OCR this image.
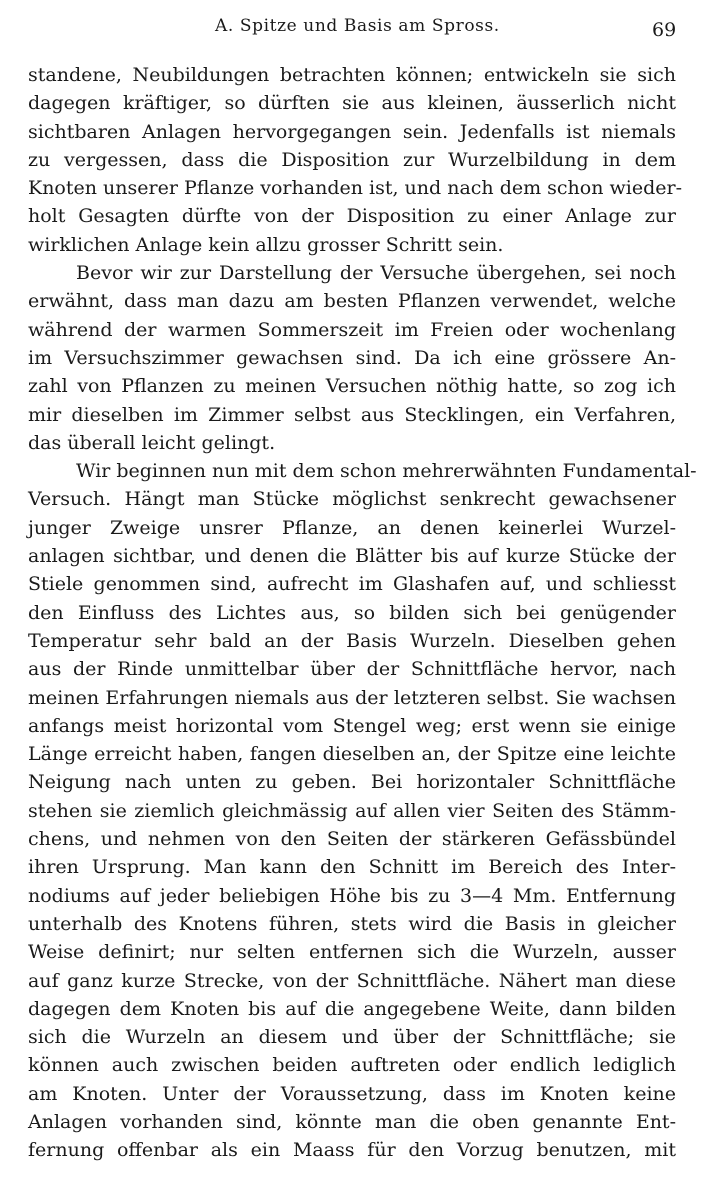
A. Spitze und Basis am Spross.	69
standene, Neubildungen betrachten können; entwickeln sie sich
dagegen kräftiger, so dürften sie aus kleinen, äusserlich nicht
sichtbaren Anlagen hervorgegangen sein. Jedenfalls ist niemals
zu vergessen, dass die Disposition zur Wurzelbildung in dem
Knoten unserer Pflanze vorhanden ist, und nach dem schon wieder-
holt Gesagten dürfte von der Disposition zu einer Anlage zur
wirklichen Anlage kein allzu grosser Schritt sein.
Bevor wir zur Darstellung der Versuche übergehen, sei noch
erwähnt, dass man dazu am besten Pflanzen verwendet, welche
während der warmen Sommerszeit im Freien oder wochenlang
im Versuchszimmer gewachsen sind. Da ich eine grössere An-
zahl von Pflanzen zu meinen Versuchen nöthig hatte, so zog ich
mir dieselben im Zimmer selbst aus Stecklingen, ein Verfahren,
das überall leicht gelingt.
Wir beginnen nun mit dem schon mehrerwähnten Fundamental-
Versuch. Hängt man Stücke möglichst senkrecht gewachsener
junger Zweige unsrer Pflanze, an denen keinerlei Wurzel-
anlagen sichtbar, und denen die Blätter bis auf kurze Stücke der
Stiele genommen sind, aufrecht im Glashafen auf, und schliesst
den Einfluss des Lichtes aus, so bilden sich bei genügender
Temperatur sehr bald an der Basis Wurzeln. Dieselben gehen
aus der Rinde unmittelbar über der Schnittfläche hervor, nach
meinen Erfahrungen niemals aus der letzteren selbst. Sie wachsen
anfangs meist horizontal vom Stengel weg; erst wenn sie einige
Länge erreicht haben, fangen dieselben an, der Spitze eine leichte
Neigung nach unten zu geben. Bei horizontaler Schnittfläche
stehen sie ziemlich gleichmässig auf allen vier Seiten des Stämm-
chens, und nehmen von den Seiten der stärkeren Gefässbündel
ihren Ursprung. Man kann den Schnitt im Bereich des Inter-
nodiums auf jeder beliebigen Höhe bis zu 3—4 Mm. Entfernung
unterhalb des Knotens führen, stets wird die Basis in gleicher
Weise definirt; nur selten entfernen sich die Wurzeln, ausser
auf ganz kurze Strecke, von der Schnittfläche. Nähert man diese
dagegen dem Knoten bis auf die angegebene Weite, dann bilden
sich die Wurzeln an diesem und über der Schnittfläche; sie
können auch zwischen beiden auftreten oder endlich lediglich
am Knoten. Unter der Voraussetzung, dass im Knoten keine
Anlagen vorhanden sind, könnte man die oben genannte Ent-
fernung offenbar als ein Maass für den Vorzug benutzen, mit
